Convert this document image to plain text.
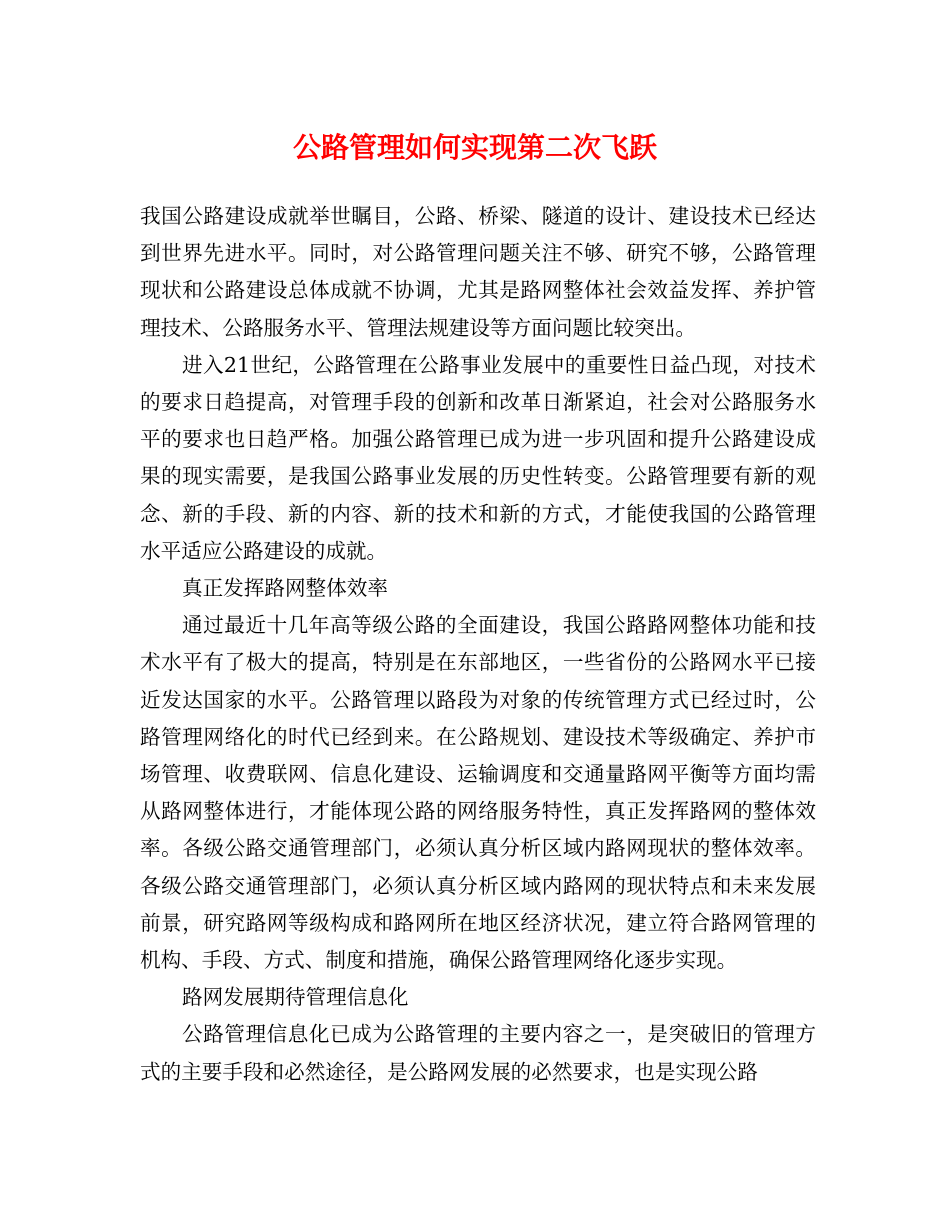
公路管理如何实现第二次飞跃

我国公路建设成就举世瞩目，公路、桥梁、隧道的设计、建设技术已经达到世界先进水平。同时，对公路管理问题关注不够、研究不够，公路管理现状和公路建设总体成就不协调，尤其是路网整体社会效益发挥、养护管理技术、公路服务水平、管理法规建设等方面问题比较突出。

进入21世纪，公路管理在公路事业发展中的重要性日益凸现，对技术的要求日趋提高，对管理手段的创新和改革日渐紧迫，社会对公路服务水平的要求也日趋严格。加强公路管理已成为进一步巩固和提升公路建设成果的现实需要，是我国公路事业发展的历史性转变。公路管理要有新的观念、新的手段、新的内容、新的技术和新的方式，才能使我国的公路管理水平适应公路建设的成就。

真正发挥路网整体效率

通过最近十几年高等级公路的全面建设，我国公路路网整体功能和技术水平有了极大的提高，特别是在东部地区，一些省份的公路网水平已接近发达国家的水平。公路管理以路段为对象的传统管理方式已经过时，公路管理网络化的时代已经到来。在公路规划、建设技术等级确定、养护市场管理、收费联网、信息化建设、运输调度和交通量路网平衡等方面均需从路网整体进行，才能体现公路的网络服务特性，真正发挥路网的整体效率。各级公路交通管理部门，必须认真分析区域内路网现状的整体效率。各级公路交通管理部门，必须认真分析区域内路网的现状特点和未来发展前景，研究路网等级构成和路网所在地区经济状况，建立符合路网管理的机构、手段、方式、制度和措施，确保公路管理网络化逐步实现。

路网发展期待管理信息化

公路管理信息化已成为公路管理的主要内容之一，是突破旧的管理方式的主要手段和必然途径，是公路网发展的必然要求，也是实现公路
